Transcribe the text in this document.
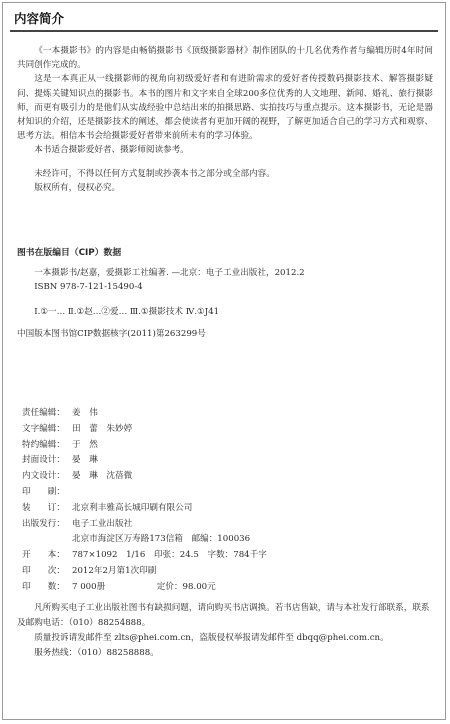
内容简介

《一本摄影书》的内容是由畅销摄影书《顶级摄影器材》制作团队的十几名优秀作者与编辑历时4年时间共同创作完成的。

这是一本真正从一线摄影师的视角向初级爱好者和有进阶需求的爱好者传授数码摄影技术、解答摄影疑问、提炼关键知识点的摄影书。本书的图片和文字来自全球200多位优秀的人文地理、新闻、婚礼、旅行摄影师，而更有吸引力的是他们从实战经验中总结出来的拍摄思路、实拍技巧与重点提示。这本摄影书，无论是器材知识的介绍，还是摄影技术的阐述，都会使读者有更加开阔的视野，了解更加适合自己的学习方式和观察、思考方法。相信本书会给摄影爱好者带来前所未有的学习体验。

本书适合摄影爱好者、摄影师阅读参考。

未经许可，不得以任何方式复制或抄袭本书之部分或全部内容。

版权所有，侵权必究。

图书在版编目（CIP）数据
一本摄影书/赵嘉，爱摄影工社编著. —北京：电子工业出版社，2012.2
ISBN 978-7-121-15490-4
Ⅰ.①一… Ⅱ.①赵…②爱… Ⅲ.①摄影技术 Ⅳ.①J41
中国版本图书馆CIP数据核字(2011)第263299号
责任编辑： 姜　伟
文字编辑： 田　蕾　朱妙婷
特约编辑： 于　然
封面设计： 晏　琳
内文设计： 晏　琳　沈蓓微
印　　刷：
装　　订： 北京利丰雅高长城印刷有限公司
出版发行： 电子工业出版社
北京市海淀区万寿路173信箱　邮编：100036
开　　本： 787×1092　1/16　印张：24.5　字数：784千字
印　　次： 2012年2月第1次印刷
印　　数： 7 000册　　　　　　定价：98.00元

凡所购买电子工业出版社图书有缺损问题，请向购买书店调换。若书店售缺，请与本社发行部联系，联系及邮购电话：（010）88254888。

质量投诉请发邮件至 zlts@phei.com.cn，盗版侵权举报请发邮件至 dbqq@phei.com.cn。

服务热线：（010）88258888。
